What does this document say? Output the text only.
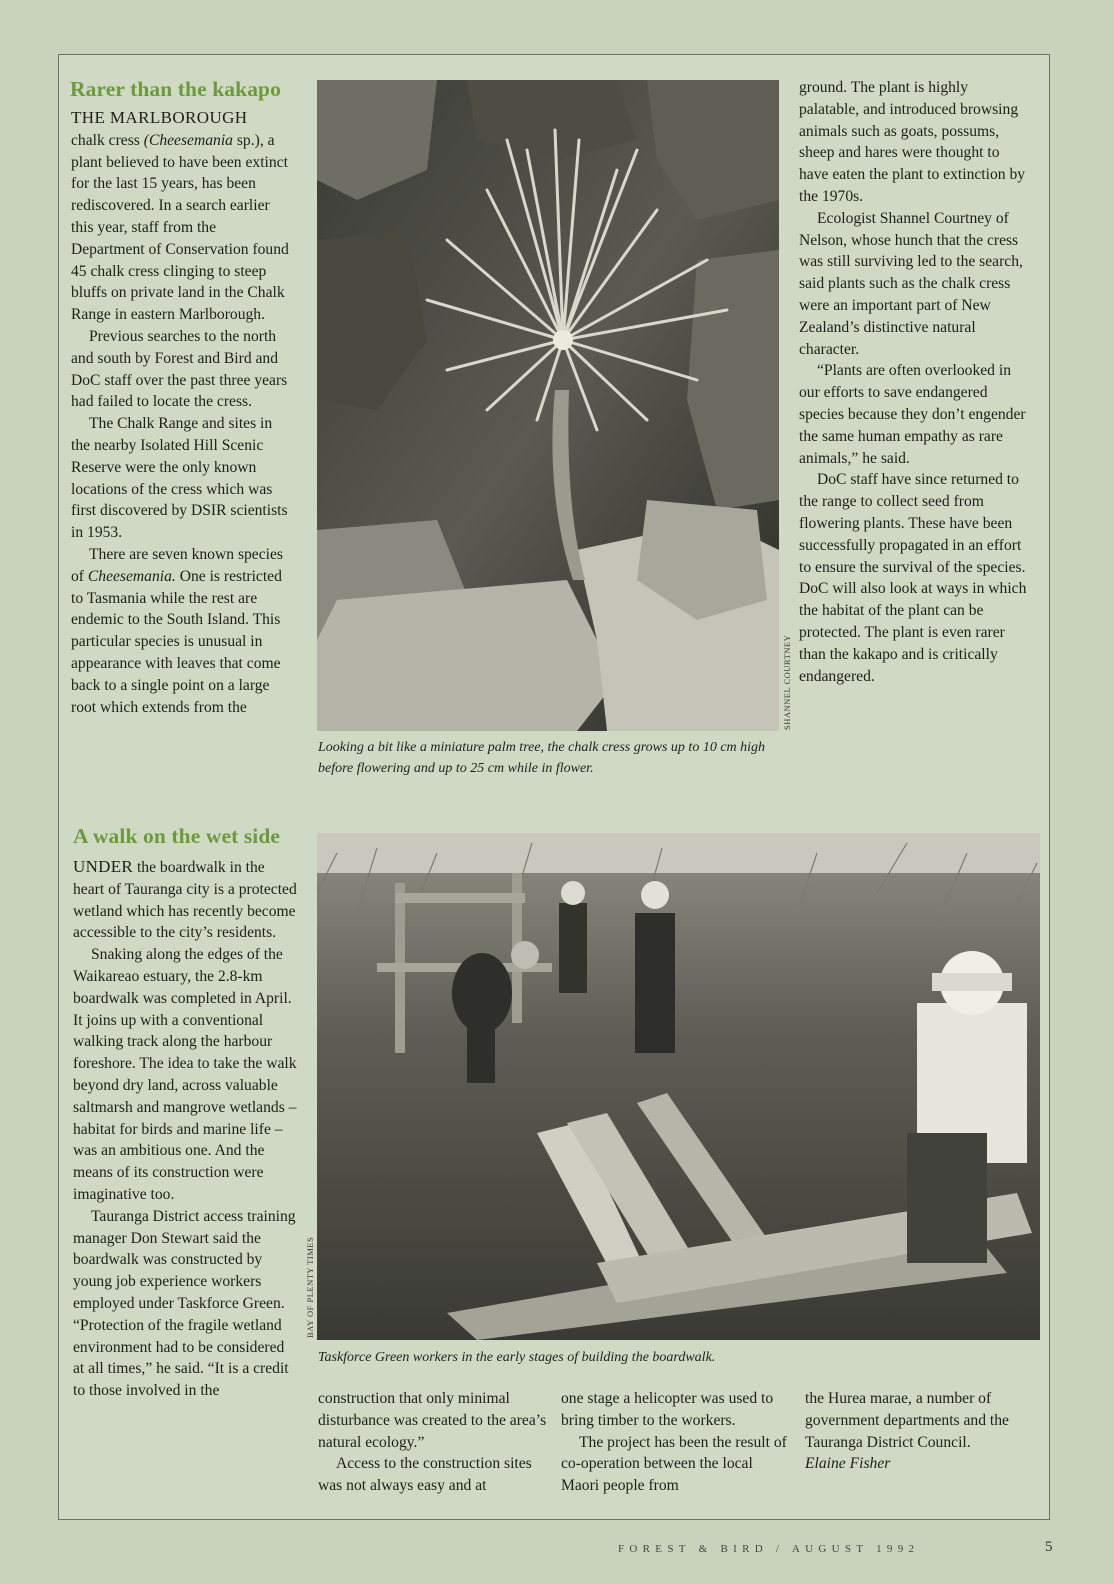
Rarer than the kakapo

THE MARLBOROUGH
chalk cress (Cheesemania sp.), a plant believed to have been extinct for the last 15 years, has been rediscovered. In a search earlier this year, staff from the Department of Conservation found 45 chalk cress clinging to steep bluffs on private land in the Chalk Range in eastern Marlborough.

Previous searches to the north and south by Forest and Bird and DoC staff over the past three years had failed to locate the cress.

The Chalk Range and sites in the nearby Isolated Hill Scenic Reserve were the only known locations of the cress which was first discovered by DSIR scientists in 1953.

There are seven known species of Cheesemania. One is restricted to Tasmania while the rest are endemic to the South Island. This particular species is unusual in appearance with leaves that come back to a single point on a large root which extends from the	SHANNEL COURTNEY
Looking a bit like a miniature palm tree, the chalk cress grows up to 10 cm high before flowering and up to 25 cm while in flower.

ground. The plant is highly palatable, and introduced browsing animals such as goats, possums, sheep and hares were thought to have eaten the plant to extinction by the 1970s.

Ecologist Shannel Courtney of Nelson, whose hunch that the cress was still surviving led to the search, said plants such as the chalk cress were an important part of New Zealand’s distinctive natural character.

“Plants are often overlooked in our efforts to save endangered species because they don’t engender the same human empathy as rare animals,” he said.

DoC staff have since returned to the range to collect seed from flowering plants. These have been successfully propagated in an effort to ensure the survival of the species. DoC will also look at ways in which the habitat of the plant can be protected. The plant is even rarer than the kakapo and is critically endangered.

A walk on the wet side

UNDER the boardwalk in the heart of Tauranga city is a protected wetland which has recently become accessible to the city’s residents.

Snaking along the edges of the Waikareao estuary, the 2.8-km boardwalk was completed in April. It joins up with a conventional walking track along the harbour foreshore. The idea to take the walk beyond dry land, across valuable saltmarsh and mangrove wetlands – habitat for birds and marine life – was an ambitious one. And the means of its construction were imaginative too.

Tauranga District access training manager Don Stewart said the boardwalk was constructed by young job experience workers employed under Taskforce Green. “Protection of the fragile wetland environment had to be considered at all times,” he said. “It is a credit to those involved in the

BAY OF PLENTY TIMES
Taskforce Green workers in the early stages of building the boardwalk.

construction that only minimal disturbance was created to the area’s natural ecology.”

Access to the construction sites was not always easy and at

one stage a helicopter was used to bring timber to the workers.

The project has been the result of co-operation between the local Maori people from

the Hurea marae, a number of government departments and the Tauranga District Council.

Elaine Fisher
FOREST & BIRD / AUGUST 1992	5
